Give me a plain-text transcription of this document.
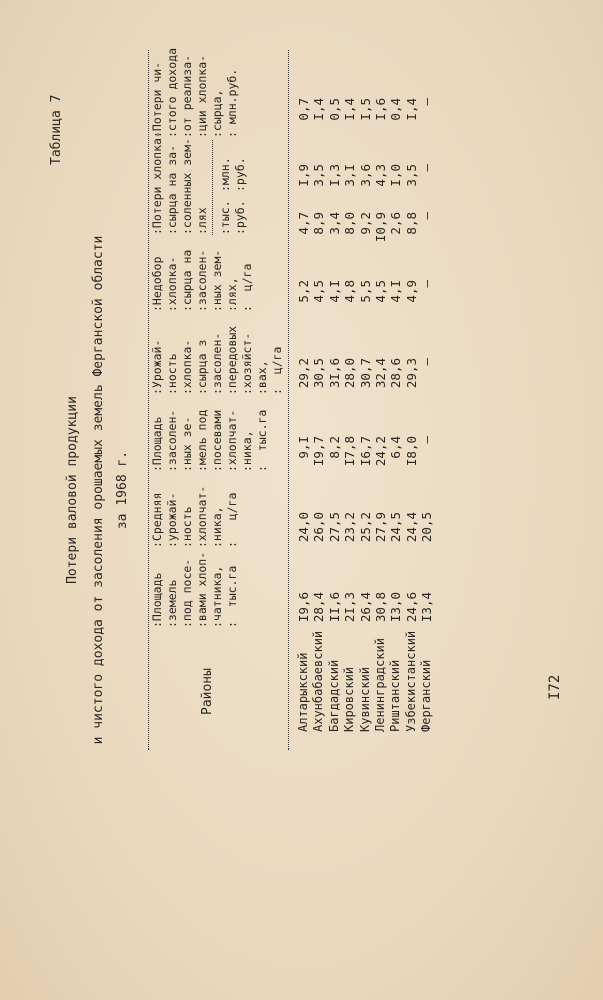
Таблица 7
Потери валовой продукции и чистого дохода от засоления орошаемых земель Ферганской области за 1968 г.
Районы
:Площадь
:земель
:под посе-
:вами хлоп-
:чатника,
:  тыс.га
:Средняя
:урожай-
:ность
:хлопчат-
:ника,
:   ц/га
:Площадь
:засолен-
:ных зе-
:мель под
:посевами
:хлопчат-
:ника,
:  тыс.га
:Урожай-
:ность
:хлопка-
:сырца з
:засолен-
:передовых
:хозяйст-
:вах,
:  ц/га
:Недобор
:хлопка-
:сырца на
:засолен-
:ных зем-
:лях,
:  ц/га
:Потери хлопка-
:сырца на за-
:соленных зем-
:лях :тыс.
:руб.
:млн.
:руб.
:Потери чи-
:стого дохода
:от реализа-
:ции хлопка-
:сырца,
: млн.руб.
Алтарыкский
I9,6
24,0
9,I
29,2
5,2
4,7
I,9
0,7
Ахунбабаевский
28,4
26,0
I9,7
30,5
4,5
8,9
3,5
I,4
Багдадский
II,6
27,5
8,2
3I,6
4,I
3,4
I,3
0,5
Кировский
2I,3
23,2
I7,8
28,0
4,8
8,0
3,I
I,4
Кувинский
26,4
25,2
I6,7
30,7
5,5
9,2
3,6
I,5
Ленинградский
30,8
27,9
24,2
32,4
4,5
I0,9
4,3
I,6
Риштанский
I3,0
24,5
6,4
28,6
4,I
2,6
I,0
0,4
Узбекистанский
24,6
24,4
I8,0
29,3
4,9
8,8
3,5
I,4
Ферганский
I3,4
20,5
–
–
–
–
–
–
I72
